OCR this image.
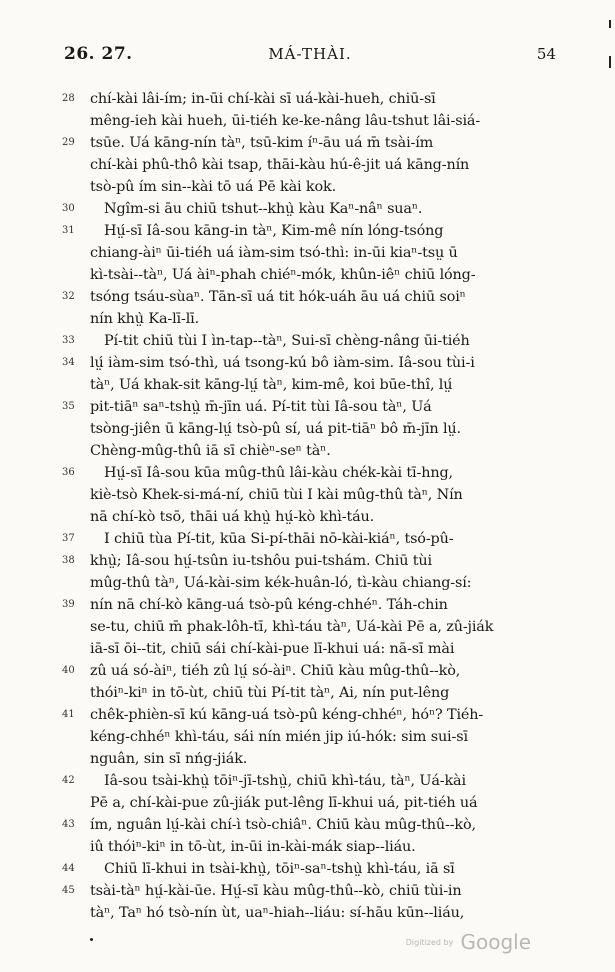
26. 27.	MÁ-THÀI.	54
28	chí-kài lâi-ím; in-ūi chí-kài sī uá-kài-hueh, chiū-sī
mêng-ieh kài hueh, ūi-tiéh ke-ke-nâng lâu-tshut lâi-siá-
29	tsūe. Uá kāng-nín tàⁿ, tsū-kim íⁿ-āu uá m̄ tsài-ím
chí-kài phû-thô kài tsap, thāi-kàu hú-ê-jit uá kāng-nín
tsò-pû ím sin--kài tō uá Pē kài kok.
30	Ngîm-si āu chiū tshut--khṳ̀ kàu Kaⁿ-nâⁿ suaⁿ.
31	Hṳ́-sī Iâ-sou kāng-in tàⁿ, Kim-mê nín lóng-tsóng
chiang-àiⁿ ūi-tiéh uá iàm-sim tsó-thì: in-ūi kiaⁿ-tsṳ ū
kì-tsài--tàⁿ, Uá àiⁿ-phah chiéⁿ-mók, khûn-iêⁿ chiū lóng-
32	tsóng tsáu-sùaⁿ. Tān-sī uá tit hók-uáh āu uá chiū soiⁿ
nín khṳ̀ Ka-lī-lī.
33	Pí-tit chiū tùi I ìn-tap--tàⁿ, Sui-sī chèng-nâng ūi-tiéh
34	lṳ́ iàm-sim tsó-thì, uá tsong-kú bô iàm-sim. Iâ-sou tùi-i
tàⁿ, Uá khak-sit kāng-lṳ́ tàⁿ, kim-mê, koi būe-thî, lṳ́
35	pit-tiāⁿ saⁿ-tshṳ̀ m̄-jīn uá. Pí-tit tùi Iâ-sou tàⁿ, Uá
tsòng-jiên ū kāng-lṳ́ tsò-pû sí, uá pit-tiāⁿ bô m̄-jīn lṳ́.
Chèng-mûg-thû iā sī chièⁿ-seⁿ tàⁿ.
36	Hṳ́-sī Iâ-sou kūa mûg-thû lâi-kàu chék-kài tī-hng,
kiè-tsò Khek-si-má-ní, chiū tùi I kài mûg-thû tàⁿ, Nín
nā chí-kò tsō, thāi uá khṳ̀ hṳ́-kò khì-táu.
37	I chiū tùa Pí-tit, kūa Si-pí-thāi nō-kài-kiáⁿ, tsó-pû-
38	khṳ̀; Iâ-sou hṳ́-tsûn iu-tshôu pui-tshám. Chiū tùi
mûg-thû tàⁿ, Uá-kài-sim kék-huân-ló, tì-kàu chiang-sí:
39	nín nā chí-kò kāng-uá tsò-pû kéng-chhéⁿ. Táh-chin
se-tu, chiū m̄ phak-lôh-tī, khì-táu tàⁿ, Uá-kài Pē a, zû-jiák
iā-sī ōi--tit, chiū sái chí-kài-pue lī-khui uá: nā-sī mài
40	zû uá só-àiⁿ, tiéh zû lṳ́ só-àiⁿ. Chiū kàu mûg-thû--kò,
thóiⁿ-kiⁿ in tō-ùt, chiū tùi Pí-tit tàⁿ, Ai, nín put-lêng
41	chêk-phièn-sī kú kāng-uá tsò-pû kéng-chhéⁿ, hóⁿ? Tiéh-
kéng-chhéⁿ khì-táu, sái nín mién jip iú-hók: sim sui-sī
nguân, sin sī nńg-jiák.
42	Iâ-sou tsài-khṳ̀ tōiⁿ-jī-tshṳ̀, chiū khì-táu, tàⁿ, Uá-kài
Pē a, chí-kài-pue zû-jiák put-lêng lī-khui uá, pit-tiéh uá
43	ím, nguân lṳ́-kài chí-ì tsò-chiâⁿ. Chiū kàu mûg-thû--kò,
iû thóiⁿ-kiⁿ in tō-ùt, in-ūi in-kài-mák siap--liáu.
44	Chiū lī-khui in tsài-khṳ̀, tōiⁿ-saⁿ-tshṳ̀ khì-táu, iā sī
45	tsài-tàⁿ hṳ́-kài-ūe. Hṳ́-sī kàu mûg-thû--kò, chiū tùi-in
tàⁿ, Taⁿ hó tsò-nín ùt, uaⁿ-hiah--liáu: sí-hāu kūn--liáu,
Digitized by Google
